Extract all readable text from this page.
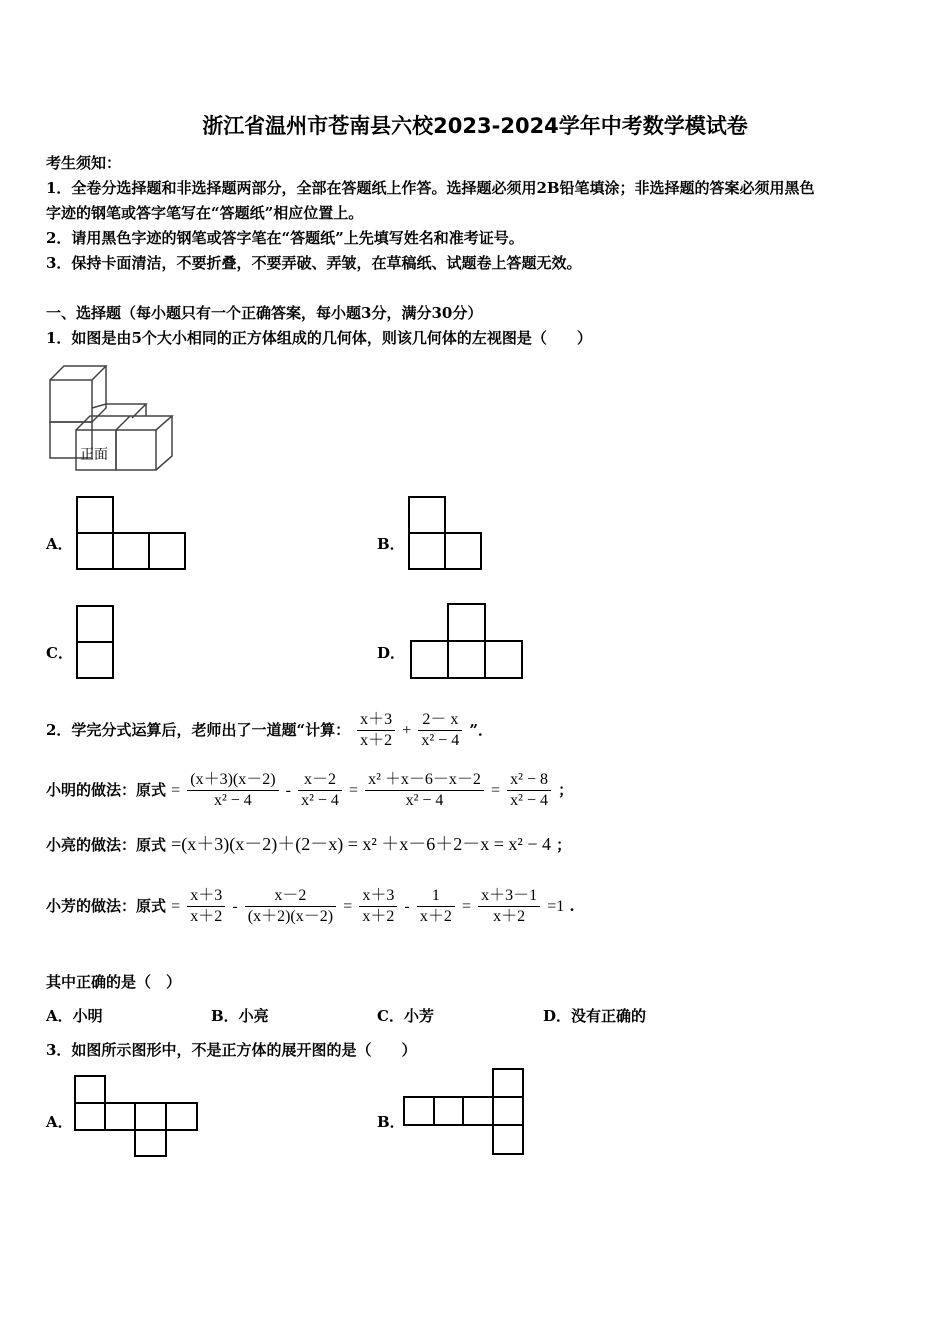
浙江省温州市苍南县六校2023-2024学年中考数学模试卷
考生须知：
1．全卷分选择题和非选择题两部分，全部在答题纸上作答。选择题必须用2B铅笔填涂；非选择题的答案必须用黑色
字迹的钢笔或答字笔写在“答题纸”相应位置上。
2．请用黑色字迹的钢笔或答字笔在“答题纸”上先填写姓名和准考证号。
3．保持卡面清洁，不要折叠，不要弄破、弄皱，在草稿纸、试题卷上答题无效。
一、选择题（每小题只有一个正确答案，每小题3分，满分30分）
1．如图是由5个大小相同的正方体组成的几何体，则该几何体的左视图是（　　）
正面
A．	B．
C．	D．
2．学完分式运算后，老师出了一道题“计算： $\frac{x+3}{x+2} + \frac{2- x}{\text{x² − 4}}$ ”．
小明的做法：原式 = $\frac{(x+3)(x-2)}{\text{x² − 4}} - \frac{x-2}{\text{x² − 4}} = \frac{\text{x² ＋x－6－x－2}}{\text{x² − 4}} = \frac{\text{x² − 8}}{\text{x² − 4}}$ ；
小亮的做法：原式 =(x＋3)(x－2)＋(2－x) = x² ＋x－6＋2－x = x² − 4 ；
小芳的做法：原式 = $\frac{x+3}{x+2} - \frac{x-2}{(x+2)(x-2)} = \frac{x+3}{x+2} - \frac{1}{x+2} = \frac{x+3-1}{x+2} =1$ .
其中正确的是（　）
A．小明	B．小亮	C．小芳	D．没有正确的
3．如图所示图形中，不是正方体的展开图的是（　　）
A．	B．
